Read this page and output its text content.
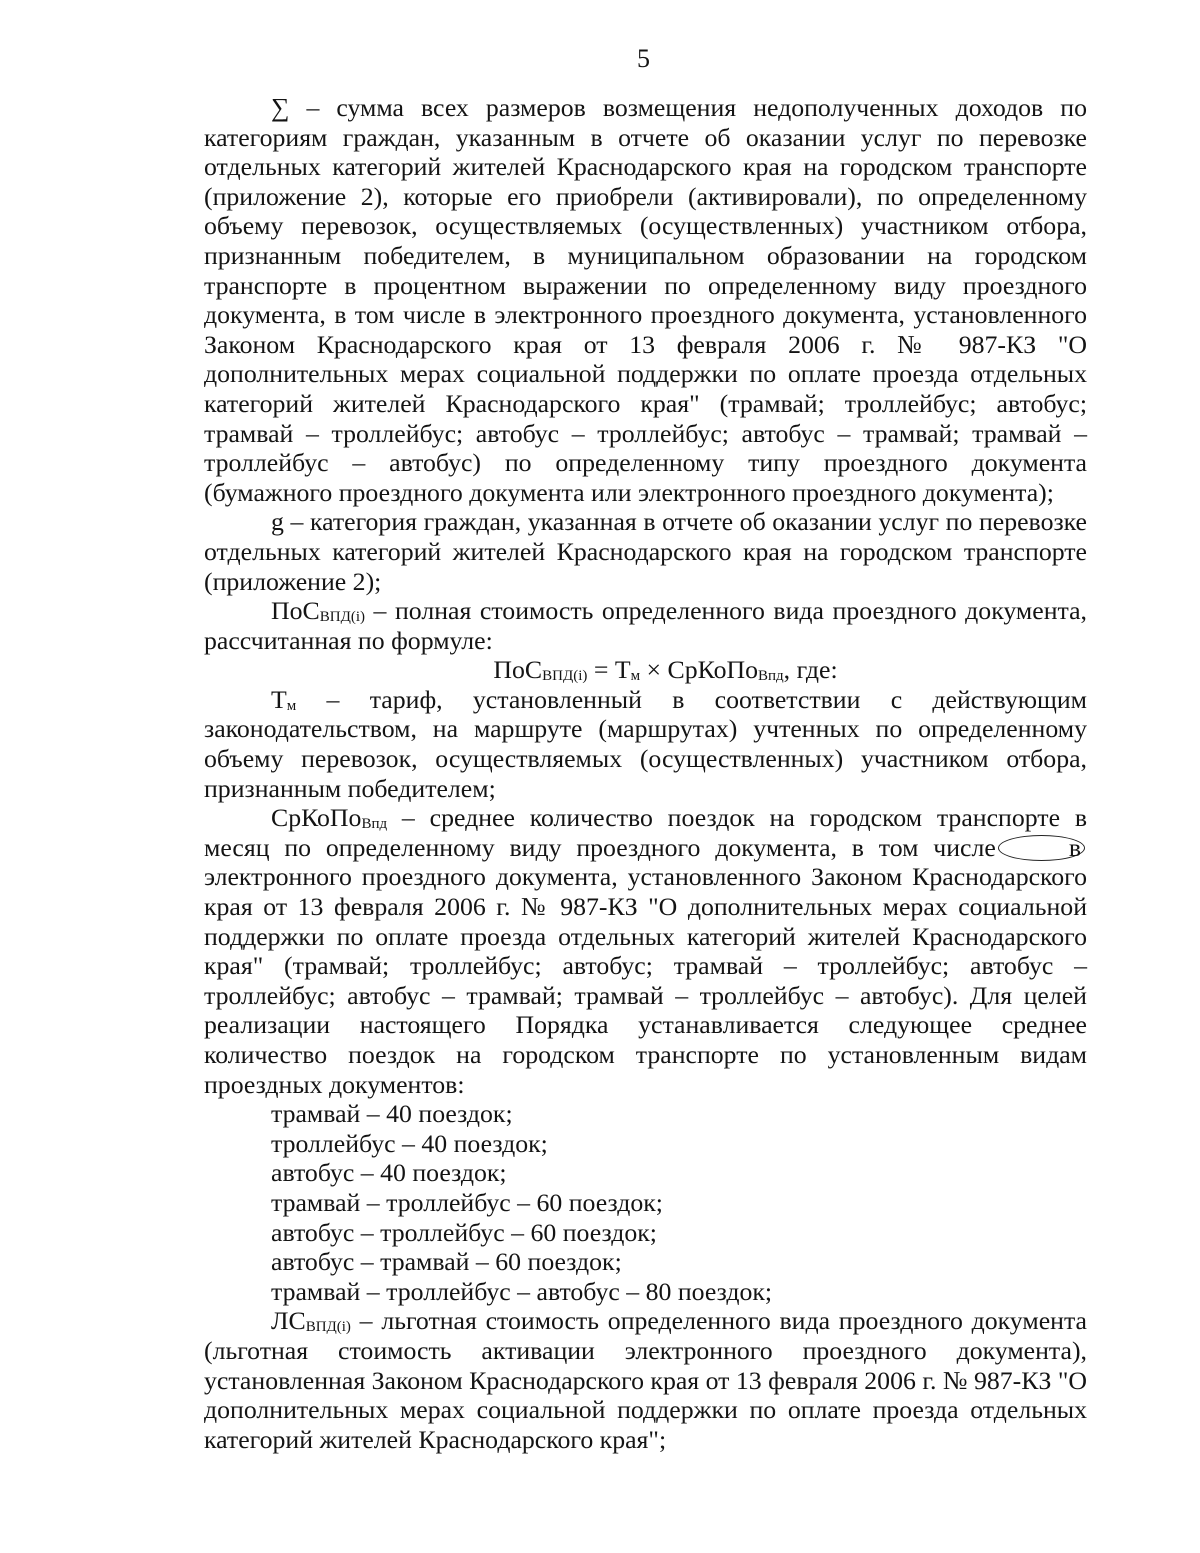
5

∑ – сумма всех размеров возмещения недополученных доходов по категориям граждан, указанным в отчете об оказании услуг по перевозке отдельных категорий жителей Краснодарского края на городском транспорте (приложение 2), которые его приобрели (активировали), по определенному объему перевозок, осуществляемых (осуществленных) участником отбора, признанным победителем, в муниципальном образовании на городском транспорте в процентном выражении по определенному виду проездного документа, в том числе в электронного проездного документа, установленного Законом Краснодарского края от 13 февраля 2006 г. № 987-КЗ "О дополнительных мерах социальной поддержки по оплате проезда отдельных категорий жителей Краснодарского края" (трамвай; троллейбус; автобус; трамвай – троллейбус; автобус – троллейбус; автобус – трамвай; трамвай – троллейбус – автобус) по определенному типу проездного документа (бумажного проездного документа или электронного проездного документа);

g – категория граждан, указанная в отчете об оказании услуг по перевозке отдельных категорий жителей Краснодарского края на городском транспорте (приложение 2);

ПоС$_{ВПД(i)}$ – полная стоимость определенного вида проездного документа, рассчитанная по формуле:

$ПоС_{ВПД(i)} = Т_м$ × СрКоПо$_{Впд}$, где:

$Т_м$ – тариф, установленный в соответствии с действующим законодательством, на маршруте (маршрутах) учтенных по определенному объему перевозок, осуществляемых (осуществленных) участником отбора, признанным победителем;

СрКоПо$_{Впд}$ – среднее количество поездок на городском транспорте в месяц по определенному виду проездного документа, в том числе	вэлектронного проездного документа, установленного Законом Краснодарского края от 13 февраля 2006 г. № 987-КЗ "О дополнительных мерах социальной поддержки по оплате проезда отдельных категорий жителей Краснодарского края" (трамвай; троллейбус; автобус; трамвай – троллейбус; автобус – троллейбус; автобус – трамвай; трамвай – троллейбус – автобус). Для целей реализации настоящего Порядка устанавливается следующее среднее количество поездок на городском транспорте по установленным видам проездных документов:

трамвай – 40 поездок;

троллейбус – 40 поездок;

автобус – 40 поездок;

трамвай – троллейбус – 60 поездок;

автобус – троллейбус – 60 поездок;

автобус – трамвай – 60 поездок;

трамвай – троллейбус – автобус – 80 поездок;

$ЛС_{ВПД(i)}$ – льготная стоимость определенного вида проездного документа (льготная стоимость активации электронного проездного документа), установленная Законом Краснодарского края от 13 февраля 2006 г. № 987-КЗ "О дополнительных мерах социальной поддержки по оплате проезда отдельных категорий жителей Краснодарского края";
